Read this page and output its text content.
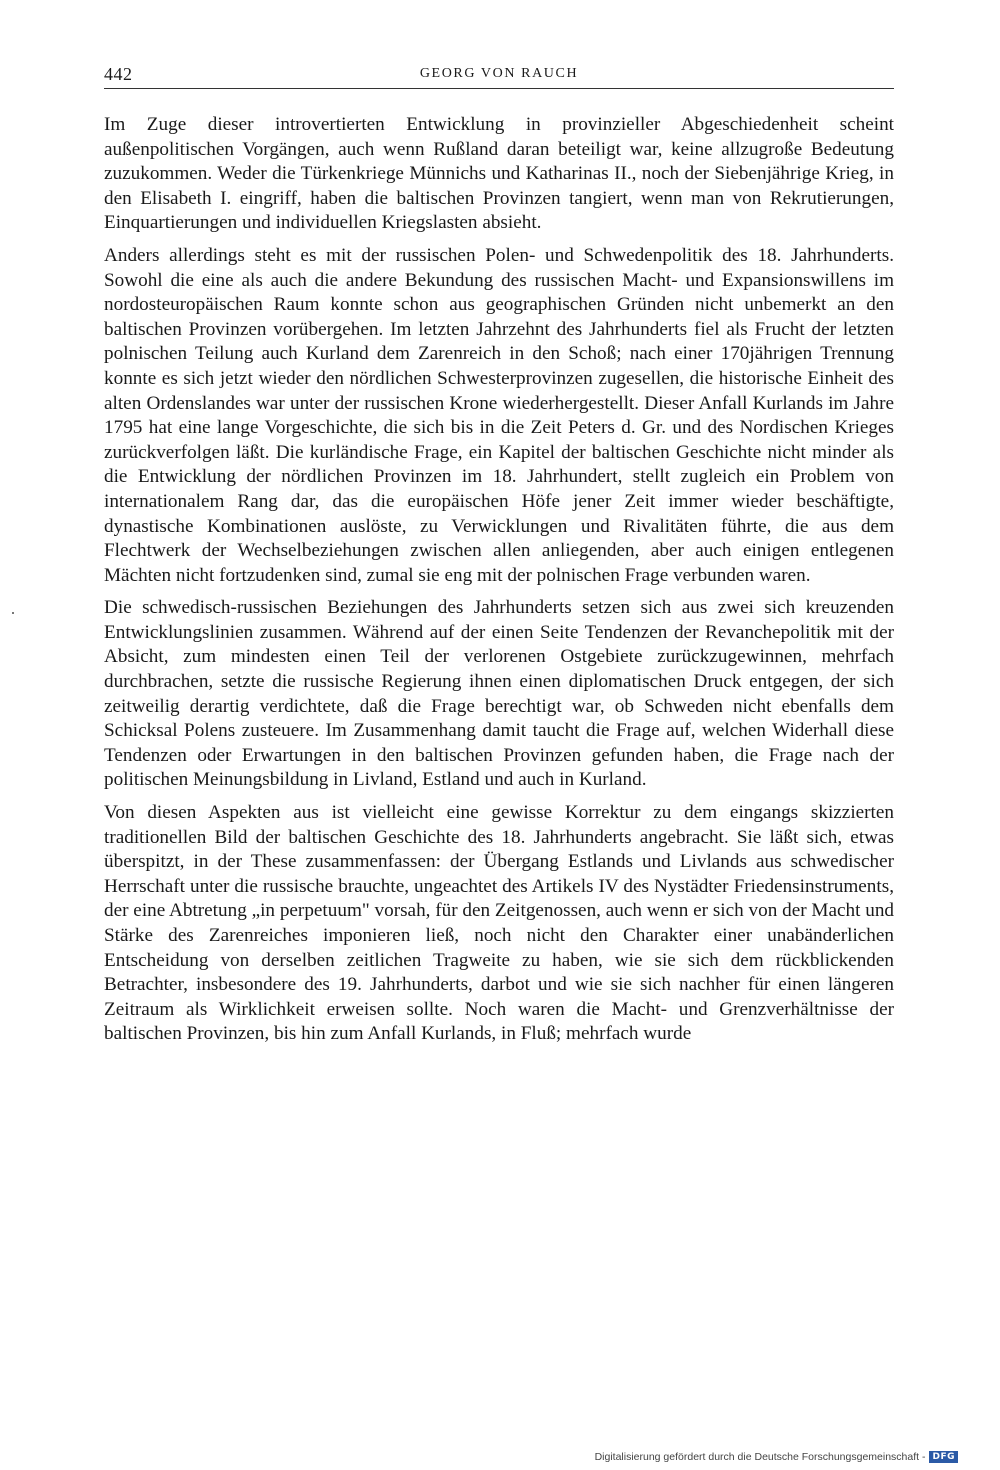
442	GEORG VON RAUCH

Im Zuge dieser introvertierten Entwicklung in provinzieller Abgeschiedenheit scheint außenpolitischen Vorgängen, auch wenn Rußland daran beteiligt war, keine allzugroße Bedeutung zuzukommen. Weder die Türkenkriege Münnichs und Katharinas II., noch der Siebenjährige Krieg, in den Elisabeth I. eingriff, haben die baltischen Provinzen tangiert, wenn man von Rekrutierungen, Einquartierungen und individuellen Kriegslasten absieht.

Anders allerdings steht es mit der russischen Polen- und Schwedenpolitik des 18. Jahrhunderts. Sowohl die eine als auch die andere Bekundung des russischen Macht- und Expansionswillens im nordosteuropäischen Raum konnte schon aus geographischen Gründen nicht unbemerkt an den baltischen Provinzen vorübergehen. Im letzten Jahrzehnt des Jahrhunderts fiel als Frucht der letzten polnischen Teilung auch Kurland dem Zarenreich in den Schoß; nach einer 170jährigen Trennung konnte es sich jetzt wieder den nördlichen Schwesterprovinzen zugesellen, die historische Einheit des alten Ordenslandes war unter der russischen Krone wiederhergestellt. Dieser Anfall Kurlands im Jahre 1795 hat eine lange Vorgeschichte, die sich bis in die Zeit Peters d. Gr. und des Nordischen Krieges zurückverfolgen läßt. Die kurländische Frage, ein Kapitel der baltischen Geschichte nicht minder als die Entwicklung der nördlichen Provinzen im 18. Jahrhundert, stellt zugleich ein Problem von internationalem Rang dar, das die europäischen Höfe jener Zeit immer wieder beschäftigte, dynastische Kombinationen auslöste, zu Verwicklungen und Rivalitäten führte, die aus dem Flechtwerk der Wechselbeziehungen zwischen allen anliegenden, aber auch einigen entlegenen Mächten nicht fortzudenken sind, zumal sie eng mit der polnischen Frage verbunden waren.

Die schwedisch-russischen Beziehungen des Jahrhunderts setzen sich aus zwei sich kreuzenden Entwicklungslinien zusammen. Während auf der einen Seite Tendenzen der Revanchepolitik mit der Absicht, zum mindesten einen Teil der verlorenen Ostgebiete zurückzugewinnen, mehrfach durchbrachen, setzte die russische Regierung ihnen einen diplomatischen Druck entgegen, der sich zeitweilig derartig verdichtete, daß die Frage berechtigt war, ob Schweden nicht ebenfalls dem Schicksal Polens zusteuere. Im Zusammenhang damit taucht die Frage auf, welchen Widerhall diese Tendenzen oder Erwartungen in den baltischen Provinzen gefunden haben, die Frage nach der politischen Meinungsbildung in Livland, Estland und auch in Kurland.

Von diesen Aspekten aus ist vielleicht eine gewisse Korrektur zu dem eingangs skizzierten traditionellen Bild der baltischen Geschichte des 18. Jahrhunderts angebracht. Sie läßt sich, etwas überspitzt, in der These zusammenfassen: der Übergang Estlands und Livlands aus schwedischer Herrschaft unter die russische brauchte, ungeachtet des Artikels IV des Nystädter Friedensinstruments, der eine Abtretung „in perpetuum" vorsah, für den Zeitgenossen, auch wenn er sich von der Macht und Stärke des Zarenreiches imponieren ließ, noch nicht den Charakter einer unabänderlichen Entscheidung von derselben zeitlichen Tragweite zu haben, wie sie sich dem rückblickenden Betrachter, insbesondere des 19. Jahrhunderts, darbot und wie sie sich nachher für einen längeren Zeitraum als Wirklichkeit erweisen sollte. Noch waren die Macht- und Grenzverhältnisse der baltischen Provinzen, bis hin zum Anfall Kurlands, in Fluß; mehrfach wurde

Digitalisierung gefördert durch die Deutsche Forschungsgemeinschaft - DFG
